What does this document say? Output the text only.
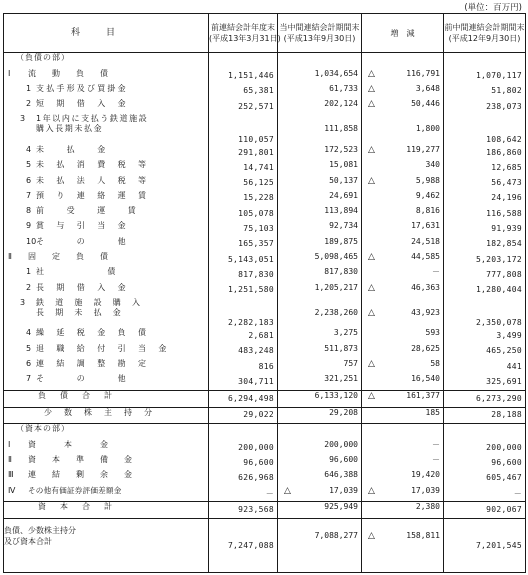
(単位：百万円)
科目	前連結会計年度末
(平成13年3月31日)	当中間連結会計期間末
(平成13年9月30日)	増　減	前中間連結会計期間末
(平成12年9月30日)

（負債の部）				

Ⅰ 流　動　負　債	1,151,446	1,034,654	△ 116,791	1,070,117

1 支払手形及び買掛金	65,381	61,733	△ 3,648	51,802

2 短　期　借　入　金	252,571	202,124	△ 50,446	238,073

3 1年以内に支払う鉄道施設
購入長期未払金	110,057	111,858	1,800	108,642

4 未　　払　　金	291,801	172,523	△ 119,277	186,860

5 未　払　消　費　税　等	14,741	15,081	340	12,685

6 未　払　法　人　税　等	56,125	50,137	△ 5,988	56,473

7 預　り　連　絡　運　賃	15,228	24,691	9,462	24,196

8 前　　受　　運　　賃	105,078	113,894	8,816	116,588

9 賞　与　引　当　金	75,103	92,734	17,631	91,939

10 そ　　　の　　　他	165,357	189,875	24,518	182,854

Ⅱ 固　定　負　債	5,143,051	5,098,465	△ 44,585	5,203,172

1 社　　　　　　債	817,830	817,830	－	777,808

2 長　期　借　入　金	1,251,580	1,205,217	△ 46,363	1,280,404

3 鉄　道　施　設　購　入
長　期　未　払　金	2,282,183	2,238,260	△ 43,923	2,350,078

4 繰　延　税　金　負　債	2,681	3,275	593	3,499

5 退　職　給　付　引　当　金	483,248	511,873	28,625	465,250

6 連　結　調　整　勘　定	816	757	△ 58	441

7 そ　　　の　　　他	304,711	321,251	16,540	325,691

負　債　合　計	6,294,498	6,133,120	△ 161,377	6,273,290

少　数　株　主　持　分	29,022	29,208	185	28,188

（資本の部）				

Ⅰ 資　　本　　金	200,000	200,000	－	200,000

Ⅱ 資　本　準　備　金	96,600	96,600	－	96,600

Ⅲ 連　結　剰　余　金	626,968	646,388	19,420	605,467

Ⅳ その他有価証券評価差額金	－	△ 17,039	△ 17,039	－

資　本　合　計	923,568	925,949	2,380	902,067

負債、少数株主持分
及び資本合計	7,247,088	7,088,277	△ 158,811	7,201,545
